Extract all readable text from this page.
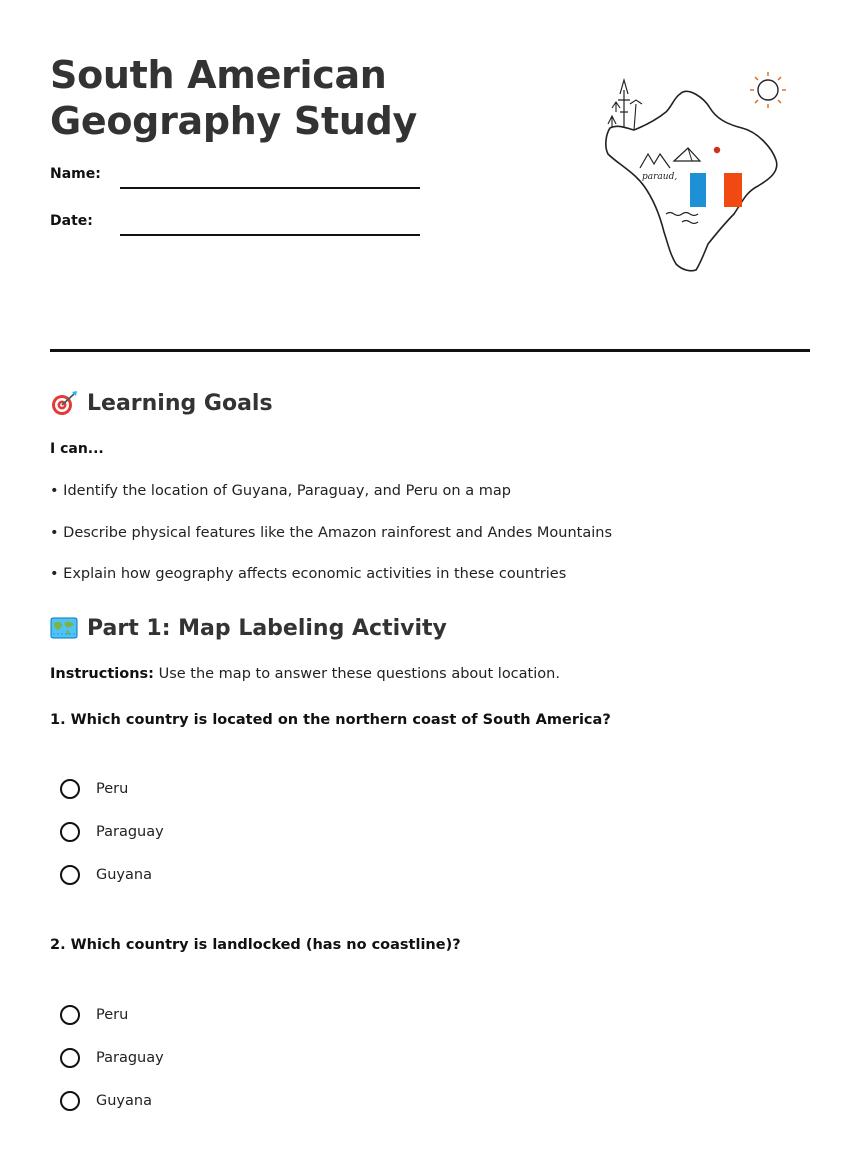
South American
Geography Study
Name:
Date:
paraud,
Learning Goals
I can...
• Identify the location of Guyana, Paraguay, and Peru on a map
• Describe physical features like the Amazon rainforest and Andes Mountains
• Explain how geography affects economic activities in these countries
Part 1: Map Labeling Activity
Instructions: Use the map to answer these questions about location.
1. Which country is located on the northern coast of South America?
Peru
Paraguay
Guyana
2. Which country is landlocked (has no coastline)?
Peru
Paraguay
Guyana
